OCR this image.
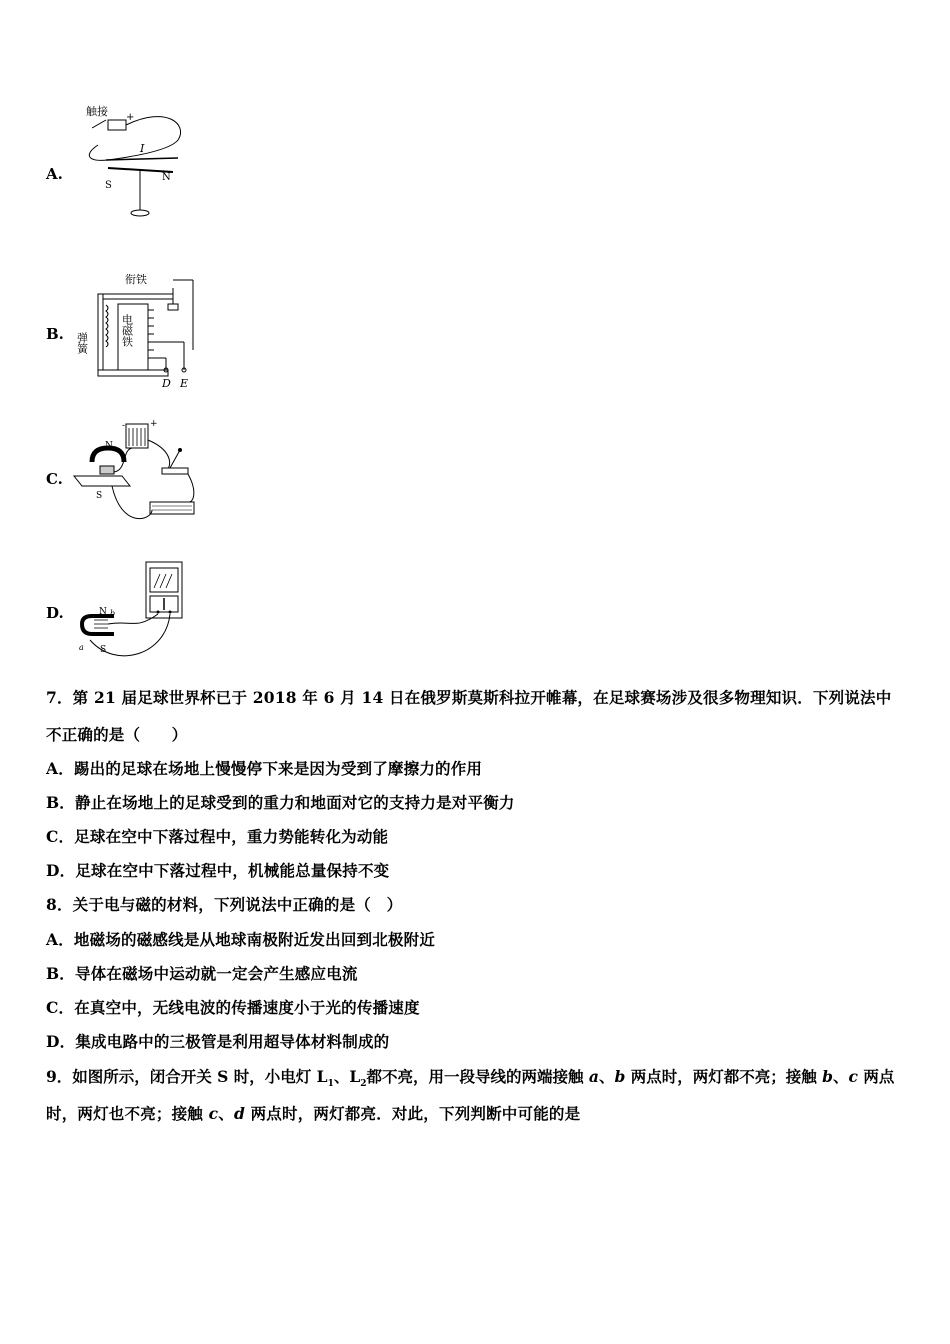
A.
触接 +
I
S
N
B.
衔铁
弹簧	电磁铁
D E
C.
-	+
N
S
D.	N b
a S
7．第 21 届足球世界杯已于 2018 年 6 月 14 日在俄罗斯莫斯科拉开帷幕，在足球赛场涉及很多物理知识．下列说法中
不正确的是（　　）
A．踢出的足球在场地上慢慢停下来是因为受到了摩擦力的作用
B．静止在场地上的足球受到的重力和地面对它的支持力是对平衡力
C．足球在空中下落过程中，重力势能转化为动能
D．足球在空中下落过程中，机械能总量保持不变
8．关于电与磁的材料，下列说法中正确的是（　）
A．地磁场的磁感线是从地球南极附近发出回到北极附近
B．导体在磁场中运动就一定会产生感应电流
C．在真空中，无线电波的传播速度小于光的传播速度
D．集成电路中的三极管是利用超导体材料制成的
9．如图所示，闭合开关 S 时，小电灯 $L_1$、$L_2$都不亮，用一段导线的两端接触 a、b 两点时，两灯都不亮；接触 b、c 两点
时，两灯也不亮；接触 c、d 两点时，两灯都亮．对此，下列判断中可能的是
